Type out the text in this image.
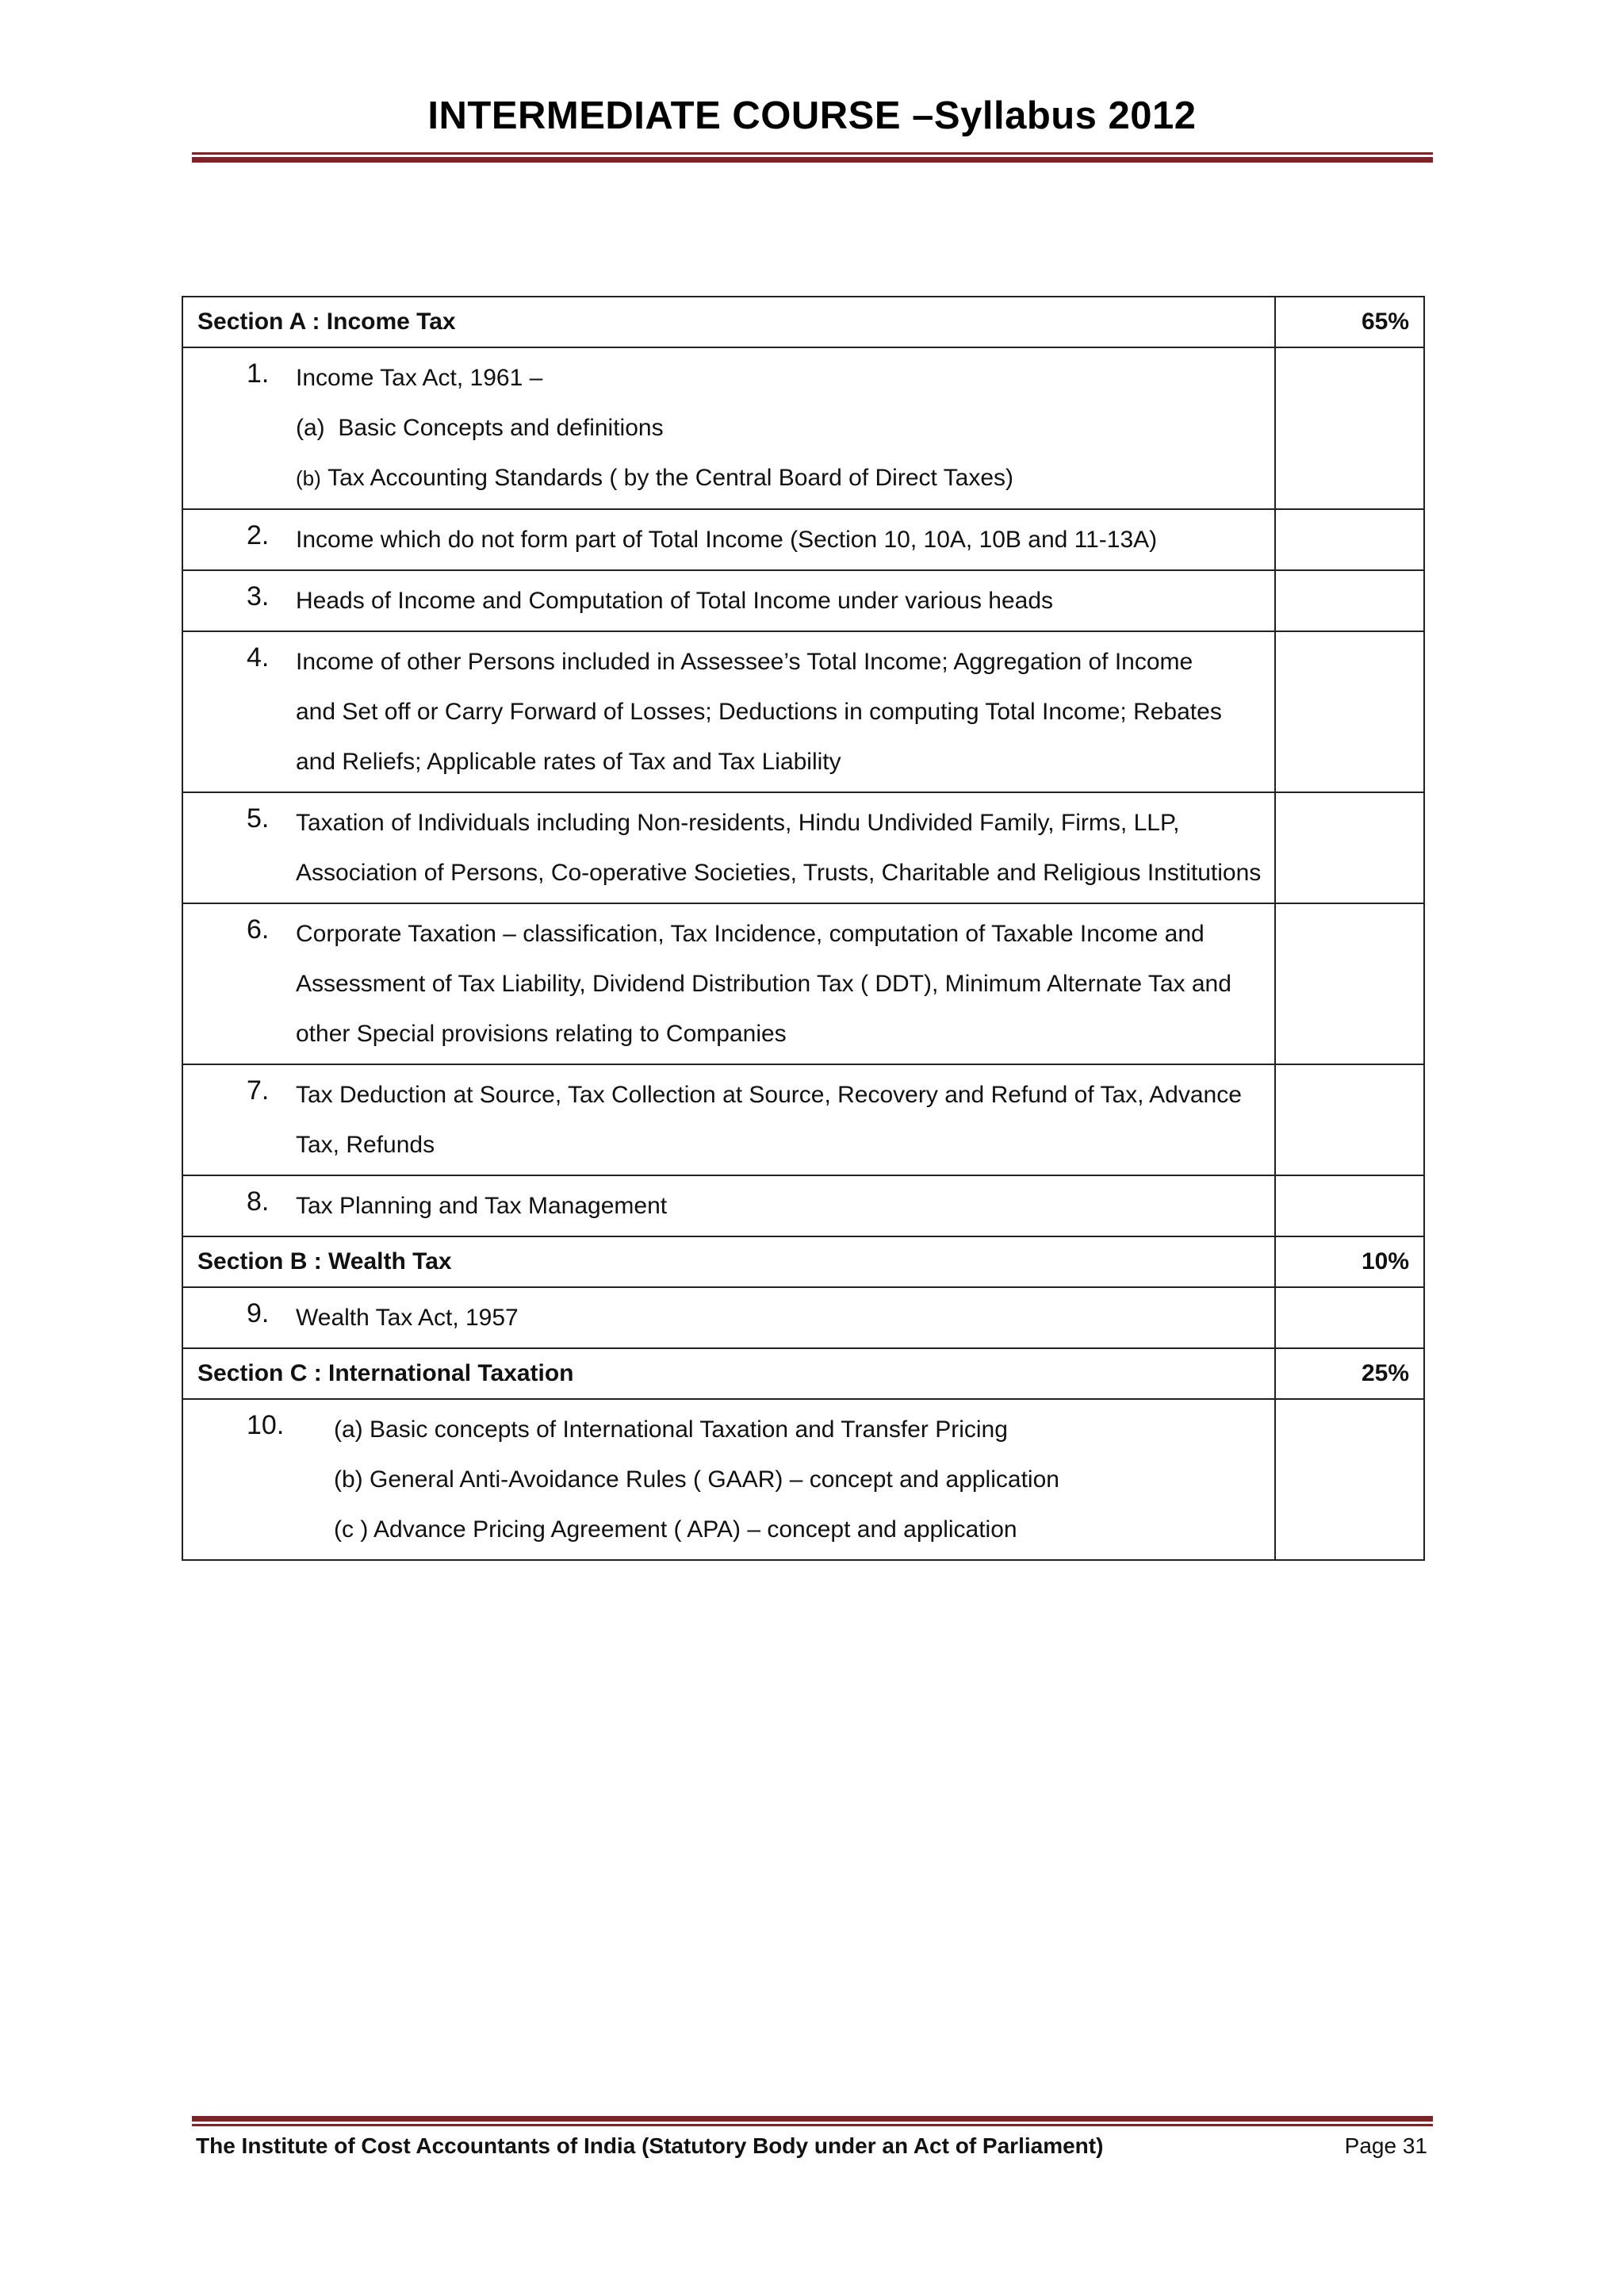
INTERMEDIATE COURSE –Syllabus 2012
Section A : Income Tax	65%

1. Income Tax Act, 1961 –
(a) Basic Concepts and definitions
(b) Tax Accounting Standards ( by the Central Board of Direct Taxes)	

2. Income which do not form part of Total Income (Section 10, 10A, 10B and 11-13A)	

3. Heads of Income and Computation of Total Income under various heads	

4. Income of other Persons included in Assessee’s Total Income; Aggregation of Income
and Set off or Carry Forward of Losses; Deductions in computing Total Income; Rebates
and Reliefs; Applicable rates of Tax and Tax Liability	

5. Taxation of Individuals including Non-residents, Hindu Undivided Family, Firms, LLP,
Association of Persons, Co-operative Societies, Trusts, Charitable and Religious Institutions	

6. Corporate Taxation – classification, Tax Incidence, computation of Taxable Income and
Assessment of Tax Liability, Dividend Distribution Tax ( DDT), Minimum Alternate Tax and
other Special provisions relating to Companies	

7. Tax Deduction at Source, Tax Collection at Source, Recovery and Refund of Tax, Advance
Tax, Refunds	

8. Tax Planning and Tax Management	

Section B : Wealth Tax	10%

9. Wealth Tax Act, 1957	

Section C : International Taxation	25%

10. (a) Basic concepts of International Taxation and Transfer Pricing
(b) General Anti-Avoidance Rules ( GAAR) – concept and application
(c ) Advance Pricing Agreement ( APA) – concept and application	

The Institute of Cost Accountants of India (Statutory Body under an Act of Parliament)	Page 31
